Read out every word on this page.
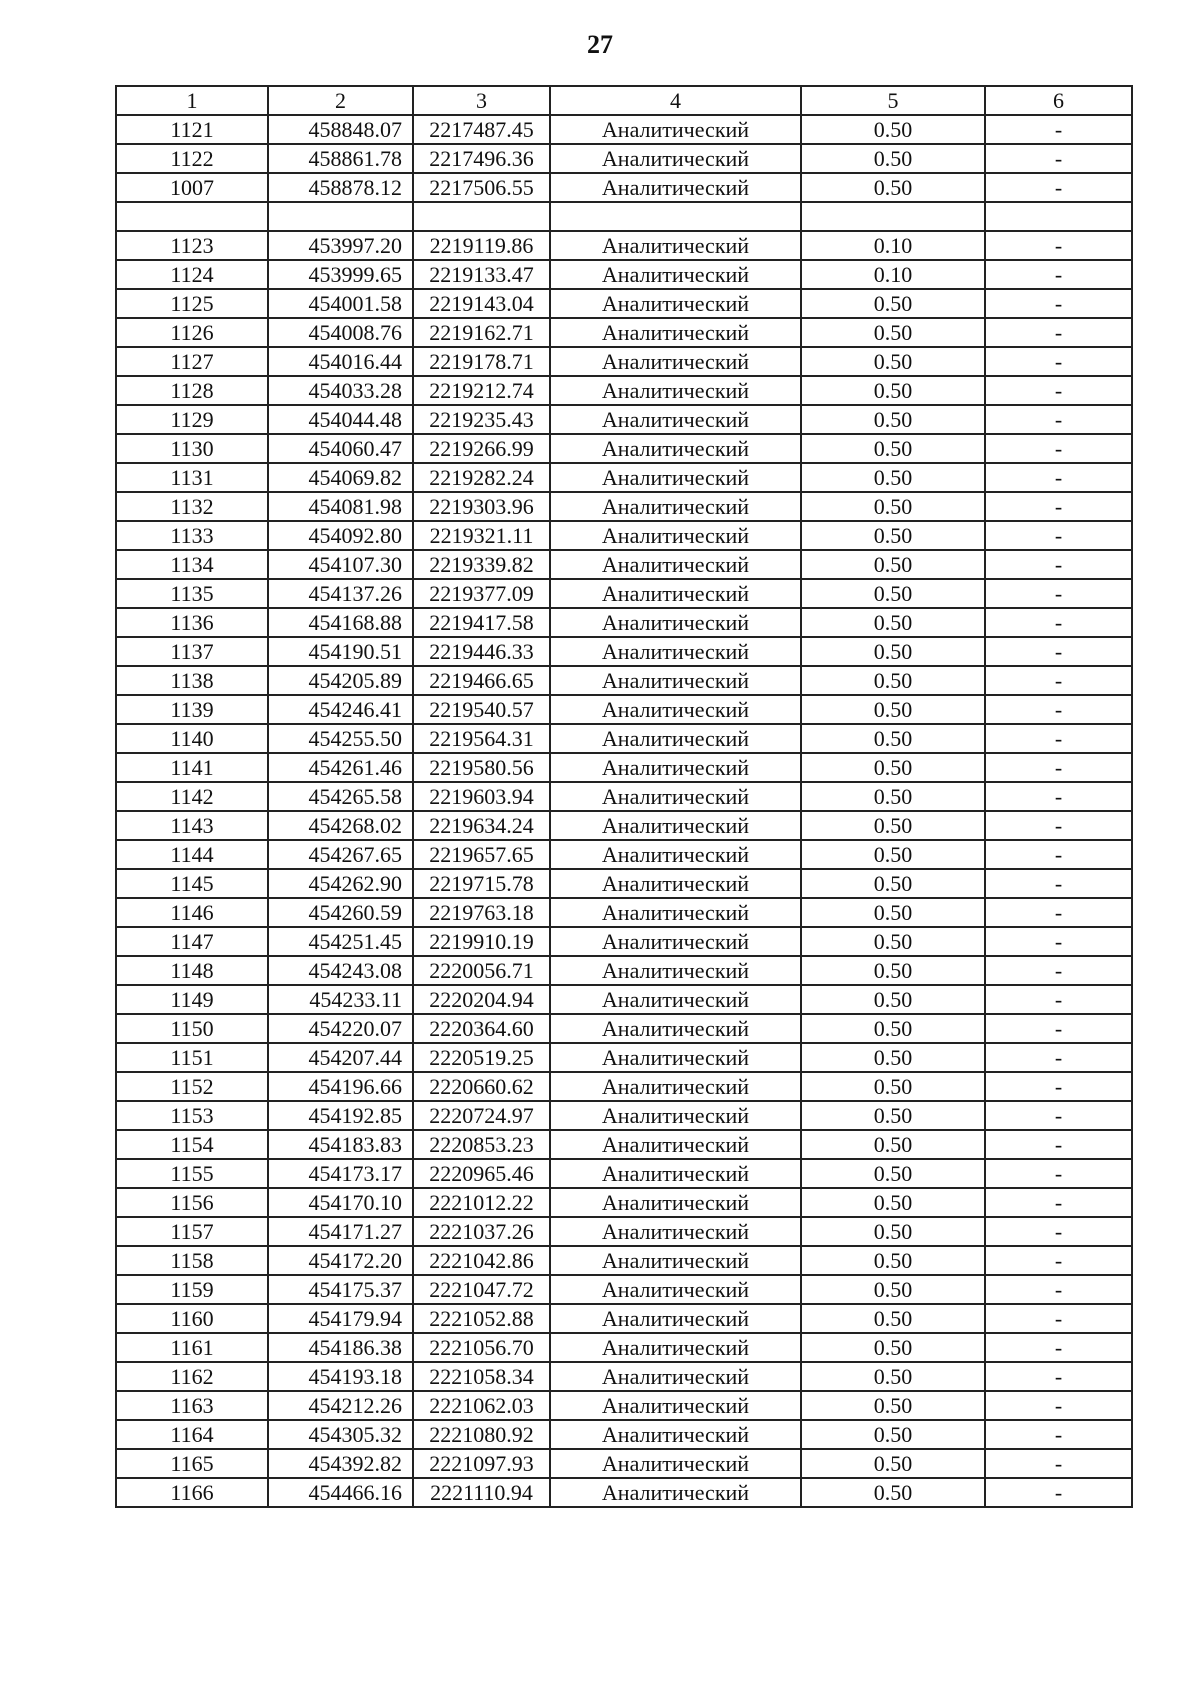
27
1	2	3	4	5	6
1121	458848.07	2217487.45	Аналитический	0.50	-
1122	458861.78	2217496.36	Аналитический	0.50	-
1007	458878.12	2217506.55	Аналитический	0.50	-

1123	453997.20	2219119.86	Аналитический	0.10	-
1124	453999.65	2219133.47	Аналитический	0.10	-
1125	454001.58	2219143.04	Аналитический	0.50	-
1126	454008.76	2219162.71	Аналитический	0.50	-
1127	454016.44	2219178.71	Аналитический	0.50	-
1128	454033.28	2219212.74	Аналитический	0.50	-
1129	454044.48	2219235.43	Аналитический	0.50	-
1130	454060.47	2219266.99	Аналитический	0.50	-
1131	454069.82	2219282.24	Аналитический	0.50	-
1132	454081.98	2219303.96	Аналитический	0.50	-
1133	454092.80	2219321.11	Аналитический	0.50	-
1134	454107.30	2219339.82	Аналитический	0.50	-
1135	454137.26	2219377.09	Аналитический	0.50	-
1136	454168.88	2219417.58	Аналитический	0.50	-
1137	454190.51	2219446.33	Аналитический	0.50	-
1138	454205.89	2219466.65	Аналитический	0.50	-
1139	454246.41	2219540.57	Аналитический	0.50	-
1140	454255.50	2219564.31	Аналитический	0.50	-
1141	454261.46	2219580.56	Аналитический	0.50	-
1142	454265.58	2219603.94	Аналитический	0.50	-
1143	454268.02	2219634.24	Аналитический	0.50	-
1144	454267.65	2219657.65	Аналитический	0.50	-
1145	454262.90	2219715.78	Аналитический	0.50	-
1146	454260.59	2219763.18	Аналитический	0.50	-
1147	454251.45	2219910.19	Аналитический	0.50	-
1148	454243.08	2220056.71	Аналитический	0.50	-
1149	454233.11	2220204.94	Аналитический	0.50	-
1150	454220.07	2220364.60	Аналитический	0.50	-
1151	454207.44	2220519.25	Аналитический	0.50	-
1152	454196.66	2220660.62	Аналитический	0.50	-
1153	454192.85	2220724.97	Аналитический	0.50	-
1154	454183.83	2220853.23	Аналитический	0.50	-
1155	454173.17	2220965.46	Аналитический	0.50	-
1156	454170.10	2221012.22	Аналитический	0.50	-
1157	454171.27	2221037.26	Аналитический	0.50	-
1158	454172.20	2221042.86	Аналитический	0.50	-
1159	454175.37	2221047.72	Аналитический	0.50	-
1160	454179.94	2221052.88	Аналитический	0.50	-
1161	454186.38	2221056.70	Аналитический	0.50	-
1162	454193.18	2221058.34	Аналитический	0.50	-
1163	454212.26	2221062.03	Аналитический	0.50	-
1164	454305.32	2221080.92	Аналитический	0.50	-
1165	454392.82	2221097.93	Аналитический	0.50	-
1166	454466.16	2221110.94	Аналитический	0.50	-
